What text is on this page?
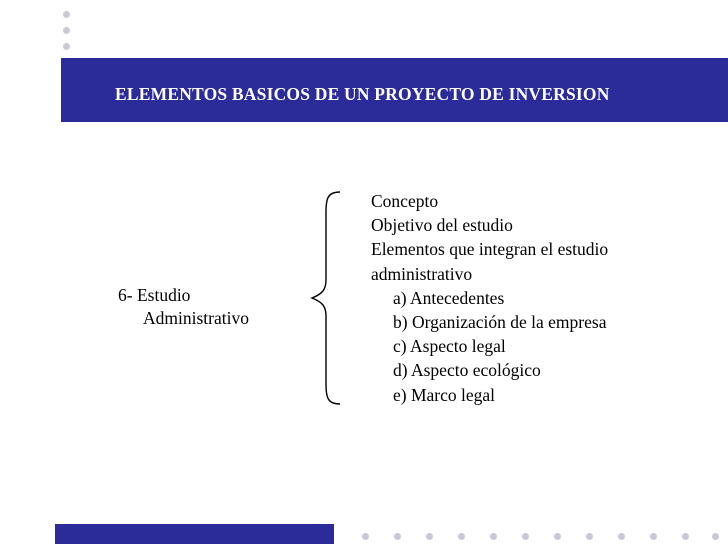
ELEMENTOS BASICOS DE UN PROYECTO DE INVERSION
6- Estudio
Administrativo
Concepto
Objetivo del estudio
Elementos que integran el estudio
administrativo
a) Antecedentes
b) Organización de la empresa
c) Aspecto legal
d) Aspecto ecológico
e) Marco legal
